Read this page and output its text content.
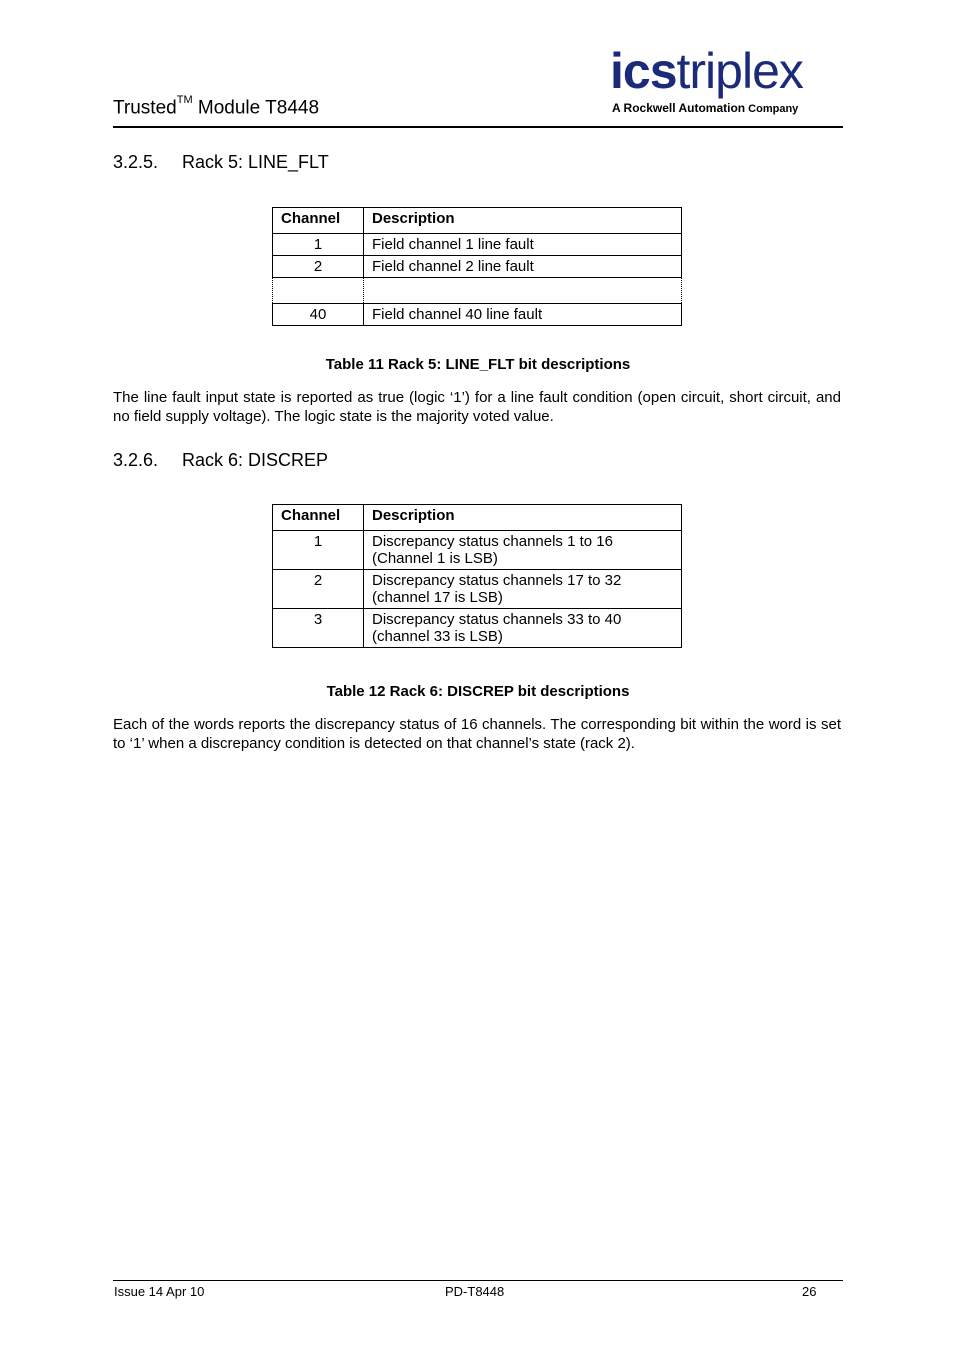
Trusted™ Module T8448
icstriplex
A Rockwell Automation Company
3.2.5. Rack 5: LINE_FLT
Channel	Description
1	Field channel 1 line fault
2	Field channel 2 line fault

40	Field channel 40 line fault
Table 11 Rack 5: LINE_FLT bit descriptions
The line fault input state is reported as true (logic ‘1’) for a line fault condition (open circuit, short circuit, and no field supply voltage). The logic state is the majority voted value.
3.2.6. Rack 6: DISCREP
Channel	Description
1	Discrepancy status channels 1 to 16
(Channel 1 is LSB)

2	Discrepancy status channels 17 to 32
(channel 17 is LSB)

3	Discrepancy status channels 33 to 40
(channel 33 is LSB)
Table 12 Rack 6: DISCREP bit descriptions
Each of the words reports the discrepancy status of 16 channels. The corresponding bit within the word is set to ‘1’ when a discrepancy condition is detected on that channel’s state (rack 2).
Issue 14 Apr 10	PD-T8448	26
